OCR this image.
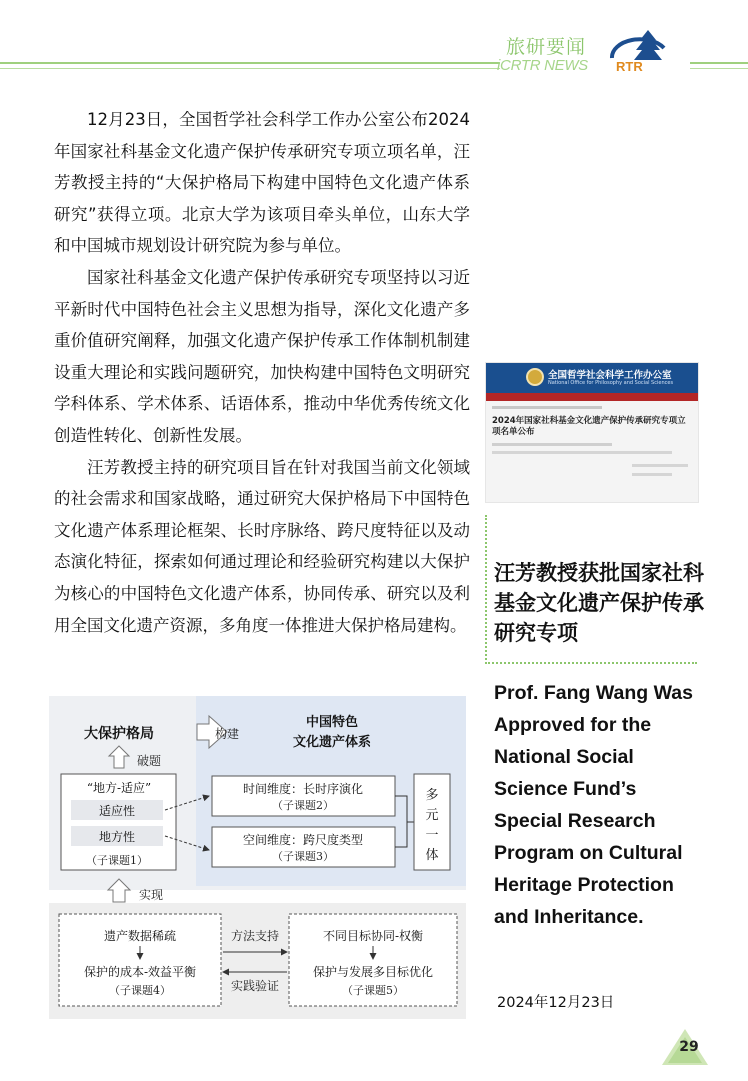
旅研要闻
iCRTR NEWS RTR

12月23日，全国哲学社会科学工作办公室公布2024年国家社科基金文化遗产保护传承研究专项立项名单，汪芳教授主持的“大保护格局下构建中国特色文化遗产体系研究”获得立项。北京大学为该项目牵头单位，山东大学和中国城市规划设计研究院为参与单位。

国家社科基金文化遗产保护传承研究专项坚持以习近平新时代中国特色社会主义思想为指导，深化文化遗产多重价值研究阐释，加强文化遗产保护传承工作体制机制建设重大理论和实践问题研究，加快构建中国特色文明研究学科体系、学术体系、话语体系，推动中华优秀传统文化创造性转化、创新性发展。

汪芳教授主持的研究项目旨在针对我国当前文化领域的社会需求和国家战略，通过研究大保护格局下中国特色文化遗产体系理论框架、长时序脉络、跨尺度特征以及动态演化特征，探索如何通过理论和经验研究构建以大保护为核心的中国特色文化遗产体系，协同传承、研究以及利用全国文化遗产资源，多角度一体推进大保护格局建构。

全国哲学社会科学工作办公室
National Office for Philosophy and Social Sciences
2024年国家社科基金文化遗产保护传承研究专项立项名单公布
汪芳教授获批国家社科基金文化遗产保护传承研究专项
Prof. Fang Wang Was Approved for the National Social Science Fund’s Special Research Program on Cultural Heritage Protection and Inheritance.
2024年12月23日
大保护格局	构建
中国特色
文化遗产体系
破题
“地方-适应”
适应性
地方性
（子课题1）
时间维度：长时序演化
（子课题2）
空间维度：跨尺度类型
（子课题3）
多
元
一
体
实现
遗产数据稀疏
保护的成本-效益平衡
（子课题4）
方法支持
实践验证
不同目标协同-权衡
保护与发展多目标优化
（子课题5）
29
